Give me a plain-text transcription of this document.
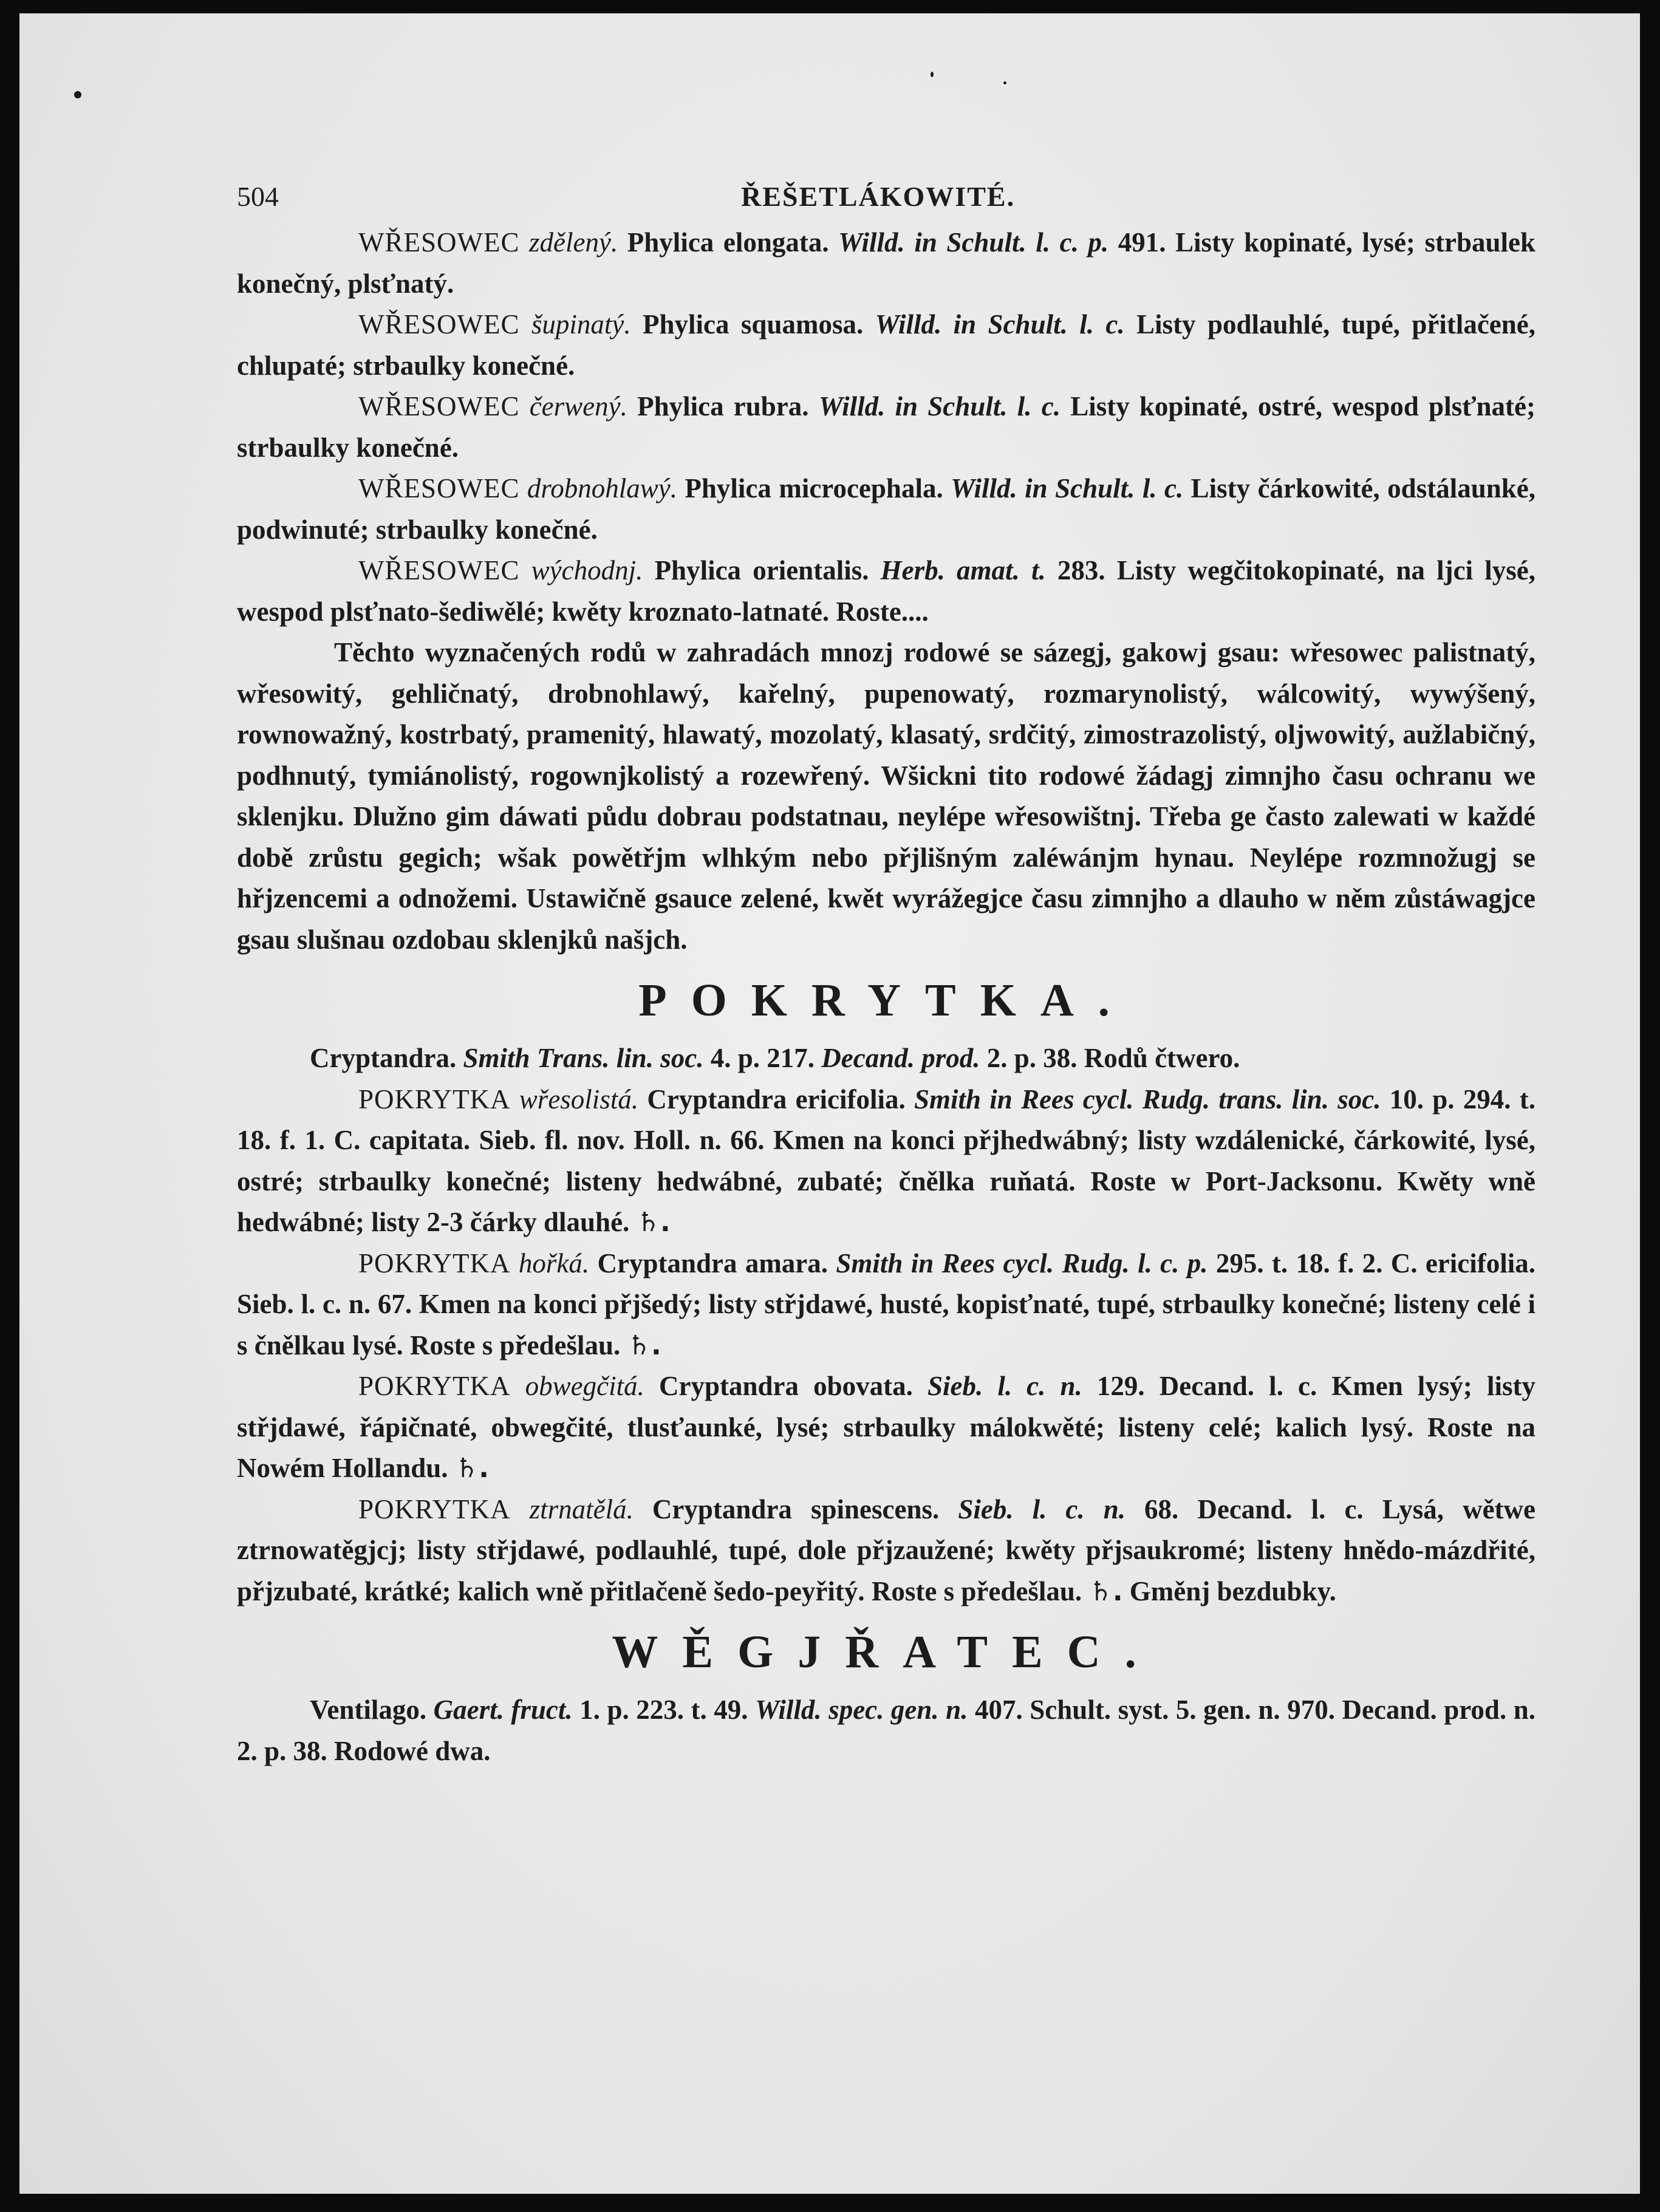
504	ŘEŠETLÁKOWITÉ.

WŘESOWEC zdělený. Phylica elongata. Willd. in Schult. l. c. p. 491. Listy kopinaté, lysé; strbaulek konečný, plsťnatý.

WŘESOWEC šupinatý. Phylica squamosa. Willd. in Schult. l. c. Listy podlauhlé, tupé, přitlačené, chlupaté; strbaulky konečné.

WŘESOWEC čerwený. Phylica rubra. Willd. in Schult. l. c. Listy kopinaté, ostré, wespod plsťnaté; strbaulky konečné.

WŘESOWEC drobnohlawý. Phylica microcephala. Willd. in Schult. l. c. Listy čárkowité, odstálaunké, podwinuté; strbaulky konečné.

WŘESOWEC wýchodnj. Phylica orientalis. Herb. amat. t. 283. Listy wegčitokopinaté, na ljci lysé, wespod plsťnato-šediwělé; kwěty kroznato-latnaté. Roste....

Těchto wyznačených rodů w zahradách mnozj rodowé se sázegj, gakowj gsau: wřesowec palistnatý, wřesowitý, gehličnatý, drobnohlawý, kařelný, pupenowatý, rozmarynolistý, wálcowitý, wywýšený, rownowažný, kostrbatý, pramenitý, hlawatý, mozolatý, klasatý, srdčitý, zimostrazolistý, oljwowitý, aužlabičný, podhnutý, tymiánolistý, rogownjkolistý a rozewřený. Wšickni tito rodowé žádagj zimnjho času ochranu we sklenjku. Dlužno gim dáwati půdu dobrau podstatnau, neylépe wřesowištnj. Třeba ge často zalewati w každé době zrůstu gegich; wšak powětřjm wlhkým nebo přjlišným zaléwánjm hynau. Neylépe rozmnožugj se hřjzencemi a odnožemi. Ustawičně gsauce zelené, kwět wyrážegjce času zimnjho a dlauho w něm zůstáwagjce gsau slušnau ozdobau sklenjků našjch.

POKRYTKA.

Cryptandra. Smith Trans. lin. soc. 4. p. 217. Decand. prod. 2. p. 38. Rodů čtwero.

POKRYTKA wřesolistá. Cryptandra ericifolia. Smith in Rees cycl. Rudg. trans. lin. soc. 10. p. 294. t. 18. f. 1. C. capitata. Sieb. fl. nov. Holl. n. 66. Kmen na konci přjhedwábný; listy wzdálenické, čárkowité, lysé, ostré; strbaulky konečné; listeny hedwábné, zubaté; čnělka ruňatá. Roste w Port-Jacksonu. Kwěty wně hedwábné; listy 2-3 čárky dlauhé. ♄.

POKRYTKA hořká. Cryptandra amara. Smith in Rees cycl. Rudg. l. c. p. 295. t. 18. f. 2. C. ericifolia. Sieb. l. c. n. 67. Kmen na konci přjšedý; listy střjdawé, husté, kopisťnaté, tupé, strbaulky konečné; listeny celé i s čnělkau lysé. Roste s předešlau. ♄.

POKRYTKA obwegčitá. Cryptandra obovata. Sieb. l. c. n. 129. Decand. l. c. Kmen lysý; listy střjdawé, řápičnaté, obwegčité, tlusťaunké, lysé; strbaulky málokwěté; listeny celé; kalich lysý. Roste na Nowém Hollandu. ♄.

POKRYTKA ztrnatělá. Cryptandra spinescens. Sieb. l. c. n. 68. Decand. l. c. Lysá, wětwe ztrnowatěgjcj; listy střjdawé, podlauhlé, tupé, dole přjzaužené; kwěty přjsaukromé; listeny hnědo-mázdřité, přjzubaté, krátké; kalich wně přitlačeně šedo-peyřitý. Roste s předešlau. ♄. Gměnj bezdubky.

WĚGJŘATEC.

Ventilago. Gaert. fruct. 1. p. 223. t. 49. Willd. spec. gen. n. 407. Schult. syst. 5. gen. n. 970. Decand. prod. n. 2. p. 38. Rodowé dwa.
